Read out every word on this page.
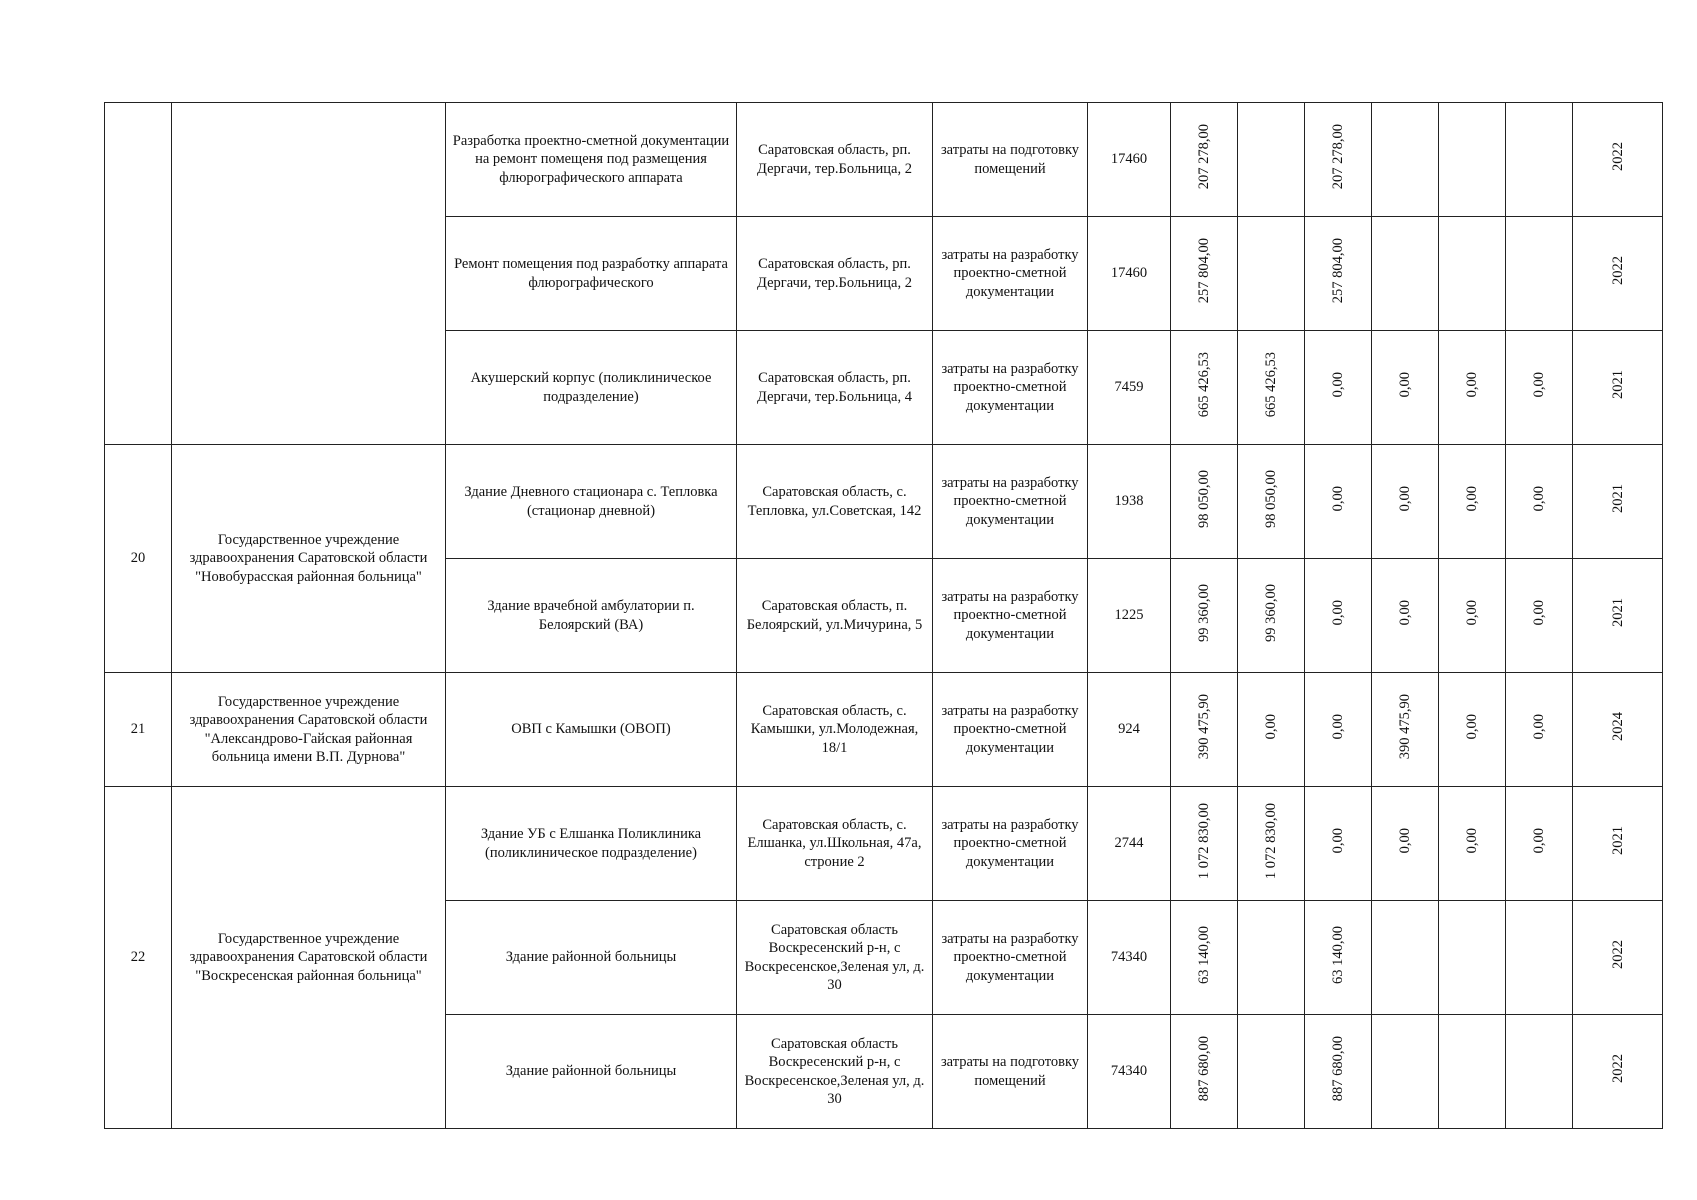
		Разработка проектно-сметной документации на ремонт помещеня под размещения флюрографического аппарата	Саратовская область, рп. Дергачи, тер.Больница, 2	затраты на подготовку помещений	17460	207 278,00		207 278,00				2022
		Ремонт помещения под разработку аппарата флюрографического	Саратовская область, рп. Дергачи, тер.Больница, 2	затраты на разработку проектно-сметной документации	17460	257 804,00		257 804,00				2022
		Акушерский корпус (поликлиническое подразделение)	Саратовская область, рп. Дергачи, тер.Больница, 4	затраты на разработку проектно-сметной документации	7459	665 426,53	665 426,53	0,00	0,00	0,00	0,00	2021
20	Государственное учреждение здравоохранения Саратовской области "Новобурасская районная больница"	Здание Дневного стационара с. Тепловка (стационар дневной)	Саратовская область, с. Тепловка, ул.Советская, 142	затраты на разработку проектно-сметной документации	1938	98 050,00	98 050,00	0,00	0,00	0,00	0,00	2021
		Здание врачебной амбулатории п. Белоярский (ВА)	Саратовская область, п. Белоярский, ул.Мичурина, 5	затраты на разработку проектно-сметной документации	1225	99 360,00	99 360,00	0,00	0,00	0,00	0,00	2021
21	Государственное учреждение здравоохранения Саратовской области "Александрово-Гайская районная больница имени В.П. Дурнова"	ОВП с Камышки (ОВОП)	Саратовская область, с. Камышки, ул.Молодежная, 18/1	затраты на разработку проектно-сметной документации	924	390 475,90	0,00	0,00	390 475,90	0,00	0,00	2024
22	Государственное учреждение здравоохранения Саратовской области "Воскресенская районная больница"	Здание УБ с Елшанка Поликлиника (поликлиническое подразделение)	Саратовская область, с. Елшанка, ул.Школьная, 47а, строние 2	затраты на разработку проектно-сметной документации	2744	1 072 830,00	1 072 830,00	0,00	0,00	0,00	0,00	2021
		Здание районной больницы	Саратовская область Воскресенский р-н, с Воскресенское,Зеленая ул, д. 30	затраты на разработку проектно-сметной документации	74340	63 140,00		63 140,00				2022
		Здание районной больницы	Саратовская область Воскресенский р-н, с Воскресенское,Зеленая ул, д. 30	затраты на подготовку помещений	74340	887 680,00		887 680,00				2022
